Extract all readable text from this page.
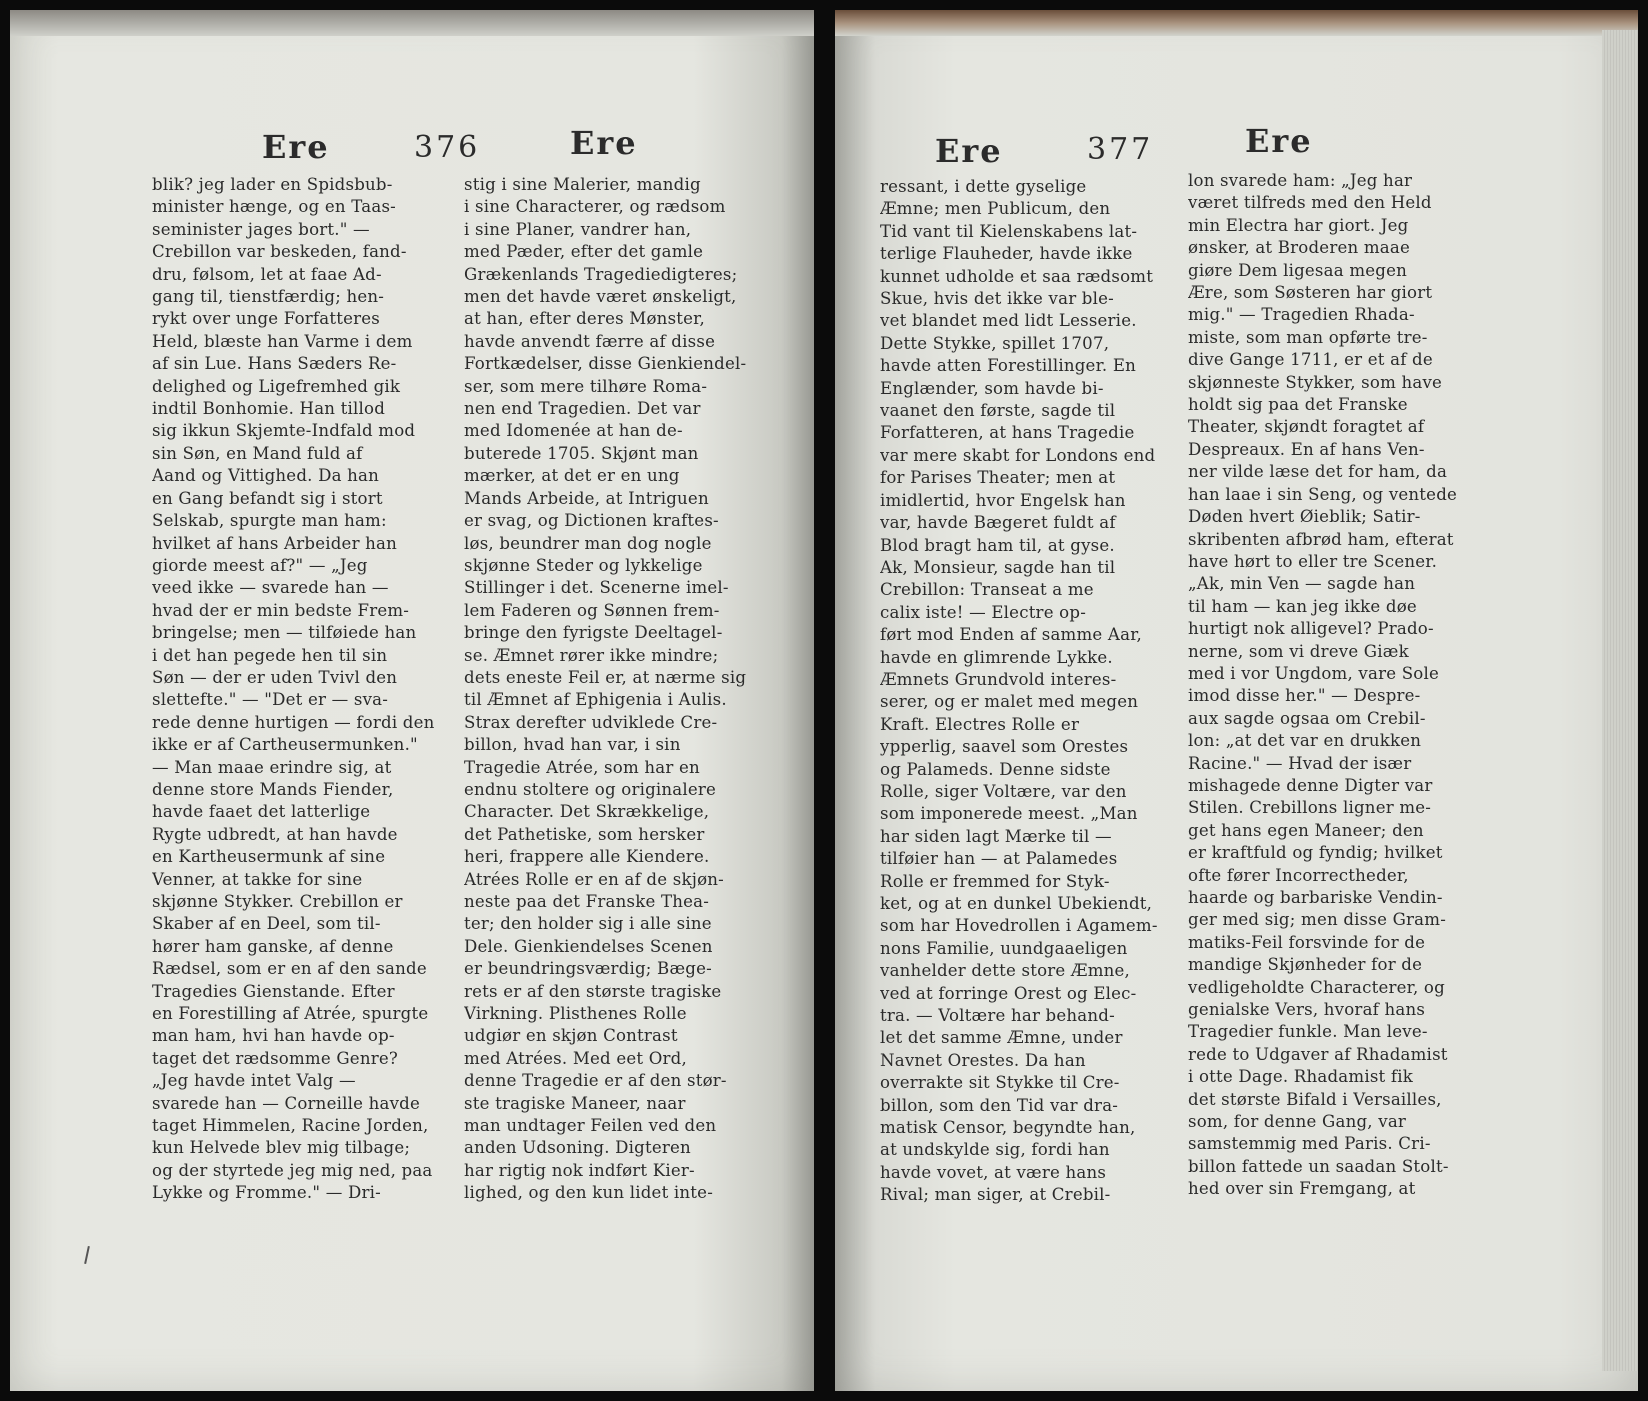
Ere	376	Ere	Ere	377	Ere
blik? jeg lader en Spidsbub-
minister hænge, og en Taas-
seminister jages bort." —
Crebillon var beskeden, fand-
dru, følsom, let at faae Ad-
gang til, tienstfærdig; hen-
rykt over unge Forfatteres
Held, blæste han Varme i dem
af sin Lue. Hans Sæders Re-
delighed og Ligefremhed gik
indtil Bonhomie. Han tillod
sig ikkun Skjemte-Indfald mod
sin Søn, en Mand fuld af
Aand og Vittighed. Da han
en Gang befandt sig i stort
Selskab, spurgte man ham:
hvilket af hans Arbeider han
giorde meest af?" — „Jeg
veed ikke — svarede han —
hvad der er min bedste Frem-
bringelse; men — tilføiede han
i det han pegede hen til sin
Søn — der er uden Tvivl den
slettefte." — "Det er — sva-
rede denne hurtigen — fordi den
ikke er af Cartheusermunken."
— Man maae erindre sig, at
denne store Mands Fiender,
havde faaet det latterlige
Rygte udbredt, at han havde
en Kartheusermunk af sine
Venner, at takke for sine
skjønne Stykker. Crebillon er
Skaber af en Deel, som til-
hører ham ganske, af denne
Rædsel, som er en af den sande
Tragedies Gienstande. Efter
en Forestilling af Atrée, spurgte
man ham, hvi han havde op-
taget det rædsomme Genre?
„Jeg havde intet Valg —
svarede han — Corneille havde
taget Himmelen, Racine Jorden,
kun Helvede blev mig tilbage;
og der styrtede jeg mig ned, paa
Lykke og Fromme." — Dri-
stig i sine Malerier, mandig
i sine Characterer, og rædsom
i sine Planer, vandrer han,
med Pæder, efter det gamle
Grækenlands Tragediedigteres;
men det havde været ønskeligt,
at han, efter deres Mønster,
havde anvendt færre af disse
Fortkædelser, disse Gienkiendel-
ser, som mere tilhøre Roma-
nen end Tragedien. Det var
med Idomenée at han de-
buterede 1705. Skjønt man
mærker, at det er en ung
Mands Arbeide, at Intriguen
er svag, og Dictionen kraftes-
løs, beundrer man dog nogle
skjønne Steder og lykkelige
Stillinger i det. Scenerne imel-
lem Faderen og Sønnen frem-
bringe den fyrigste Deeltagel-
se. Æmnet rører ikke mindre;
dets eneste Feil er, at nærme sig
til Æmnet af Ephigenia i Aulis.
Strax derefter udviklede Cre-
billon, hvad han var, i sin
Tragedie Atrée, som har en
endnu stoltere og originalere
Character. Det Skrækkelige,
det Pathetiske, som hersker
heri, frappere alle Kiendere.
Atrées Rolle er en af de skjøn-
neste paa det Franske Thea-
ter; den holder sig i alle sine
Dele. Gienkiendelses Scenen
er beundringsværdig; Bæge-
rets er af den største tragiske
Virkning. Plisthenes Rolle
udgiør en skjøn Contrast
med Atrées. Med eet Ord,
denne Tragedie er af den stør-
ste tragiske Maneer, naar
man undtager Feilen ved den
anden Udsoning. Digteren
har rigtig nok indført Kier-
lighed, og den kun lidet inte-
ressant, i dette gyselige
Æmne; men Publicum, den
Tid vant til Kielenskabens lat-
terlige Flauheder, havde ikke
kunnet udholde et saa rædsomt
Skue, hvis det ikke var ble-
vet blandet med lidt Lesserie.
Dette Stykke, spillet 1707,
havde atten Forestillinger. En
Englænder, som havde bi-
vaanet den første, sagde til
Forfatteren, at hans Tragedie
var mere skabt for Londons end
for Parises Theater; men at
imidlertid, hvor Engelsk han
var, havde Bægeret fuldt af
Blod bragt ham til, at gyse.
Ak, Monsieur, sagde han til
Crebillon: Transeat a me
calix iste! — Electre op-
ført mod Enden af samme Aar,
havde en glimrende Lykke.
Æmnets Grundvold interes-
serer, og er malet med megen
Kraft. Electres Rolle er
ypperlig, saavel som Orestes
og Palameds. Denne sidste
Rolle, siger Voltære, var den
som imponerede meest. „Man
har siden lagt Mærke til —
tilføier han — at Palamedes
Rolle er fremmed for Styk-
ket, og at en dunkel Ubekiendt,
som har Hovedrollen i Agamem-
nons Familie, uundgaaeligen
vanhelder dette store Æmne,
ved at forringe Orest og Elec-
tra. — Voltære har behand-
let det samme Æmne, under
Navnet Orestes. Da han
overrakte sit Stykke til Cre-
billon, som den Tid var dra-
matisk Censor, begyndte han,
at undskylde sig, fordi han
havde vovet, at være hans
Rival; man siger, at Crebil-
lon svarede ham: „Jeg har
været tilfreds med den Held
min Electra har giort. Jeg
ønsker, at Broderen maae
giøre Dem ligesaa megen
Ære, som Søsteren har giort
mig." — Tragedien Rhada-
miste, som man opførte tre-
dive Gange 1711, er et af de
skjønneste Stykker, som have
holdt sig paa det Franske
Theater, skjøndt foragtet af
Despreaux. En af hans Ven-
ner vilde læse det for ham, da
han laae i sin Seng, og ventede
Døden hvert Øieblik; Satir-
skribenten afbrød ham, efterat
have hørt to eller tre Scener.
„Ak, min Ven — sagde han
til ham — kan jeg ikke døe
hurtigt nok alligevel? Prado-
nerne, som vi dreve Giæk
med i vor Ungdom, vare Sole
imod disse her." — Despre-
aux sagde ogsaa om Crebil-
lon: „at det var en drukken
Racine." — Hvad der især
mishagede denne Digter var
Stilen. Crebillons ligner me-
get hans egen Maneer; den
er kraftfuld og fyndig; hvilket
ofte fører Incorrectheder,
haarde og barbariske Vendin-
ger med sig; men disse Gram-
matiks-Feil forsvinde for de
mandige Skjønheder for de
vedligeholdte Characterer, og
genialske Vers, hvoraf hans
Tragedier funkle. Man leve-
rede to Udgaver af Rhadamist
i otte Dage. Rhadamist fik
det største Bifald i Versailles,
som, for denne Gang, var
samstemmig med Paris. Cri-
billon fattede un saadan Stolt-
hed over sin Fremgang, at
